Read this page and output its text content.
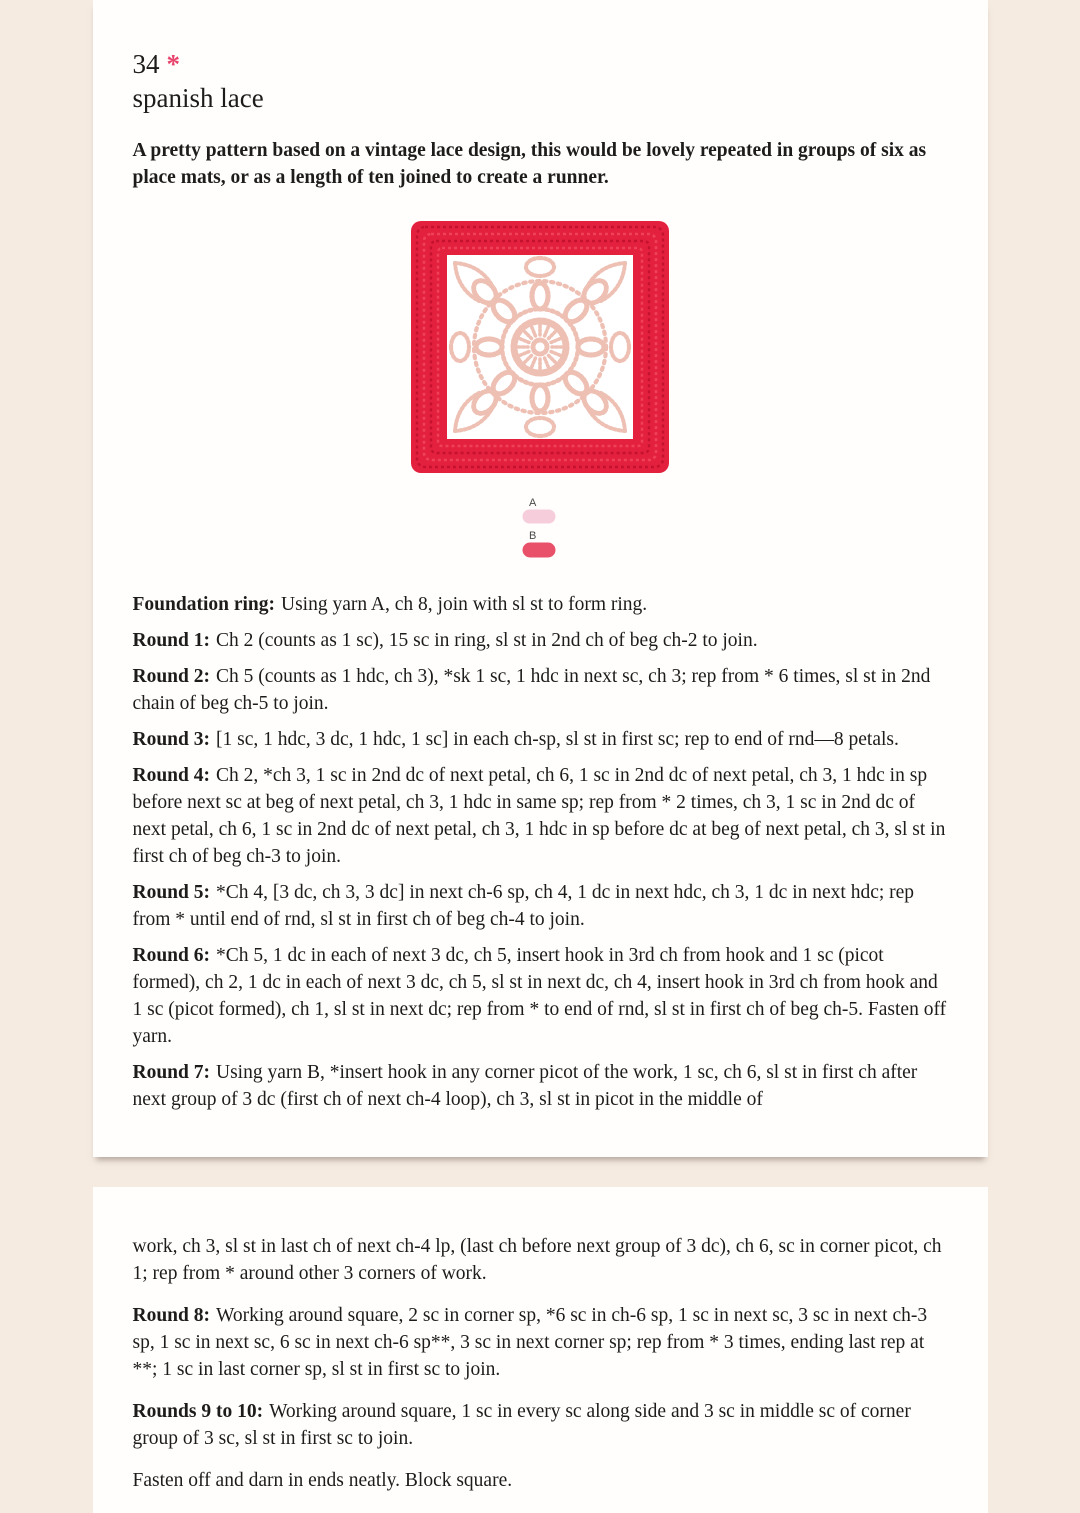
34 *
spanish lace

A pretty pattern based on a vintage lace design, this would be lovely repeated in groups of six as place mats, or as a length of ten joined to create a runner.

A
B

Foundation ring: Using yarn A, ch 8, join with sl st to form ring.

Round 1: Ch 2 (counts as 1 sc), 15 sc in ring, sl st in 2nd ch of beg ch-2 to join.

Round 2: Ch 5 (counts as 1 hdc, ch 3), *sk 1 sc, 1 hdc in next sc, ch 3; rep from * 6 times, sl st in 2nd chain of beg ch-5 to join.

Round 3: [1 sc, 1 hdc, 3 dc, 1 hdc, 1 sc] in each ch-sp, sl st in first sc; rep to end of rnd—8 petals.

Round 4: Ch 2, *ch 3, 1 sc in 2nd dc of next petal, ch 6, 1 sc in 2nd dc of next petal, ch 3, 1 hdc in sp before next sc at beg of next petal, ch 3, 1 hdc in same sp; rep from * 2 times, ch 3, 1 sc in 2nd dc of next petal, ch 6, 1 sc in 2nd dc of next petal, ch 3, 1 hdc in sp before dc at beg of next petal, ch 3, sl st in first ch of beg ch-3 to join.

Round 5: *Ch 4, [3 dc, ch 3, 3 dc] in next ch-6 sp, ch 4, 1 dc in next hdc, ch 3, 1 dc in next hdc; rep from * until end of rnd, sl st in first ch of beg ch-4 to join.

Round 6: *Ch 5, 1 dc in each of next 3 dc, ch 5, insert hook in 3rd ch from hook and 1 sc (picot formed), ch 2, 1 dc in each of next 3 dc, ch 5, sl st in next dc, ch 4, insert hook in 3rd ch from hook and 1 sc (picot formed), ch 1, sl st in next dc; rep from * to end of rnd, sl st in first ch of beg ch-5. Fasten off yarn.

Round 7: Using yarn B, *insert hook in any corner picot of the work, 1 sc, ch 6, sl st in first ch after next group of 3 dc (first ch of next ch-4 loop), ch 3, sl st in picot in the middle of

work, ch 3, sl st in last ch of next ch-4 lp, (last ch before next group of 3 dc), ch 6, sc in corner picot, ch 1; rep from * around other 3 corners of work.

Round 8: Working around square, 2 sc in corner sp, *6 sc in ch-6 sp, 1 sc in next sc, 3 sc in next ch-3 sp, 1 sc in next sc, 6 sc in next ch-6 sp**, 3 sc in next corner sp; rep from * 3 times, ending last rep at **; 1 sc in last corner sp, sl st in first sc to join.

Rounds 9 to 10: Working around square, 1 sc in every sc along side and 3 sc in middle sc of corner group of 3 sc, sl st in first sc to join.

Fasten off and darn in ends neatly. Block square.
